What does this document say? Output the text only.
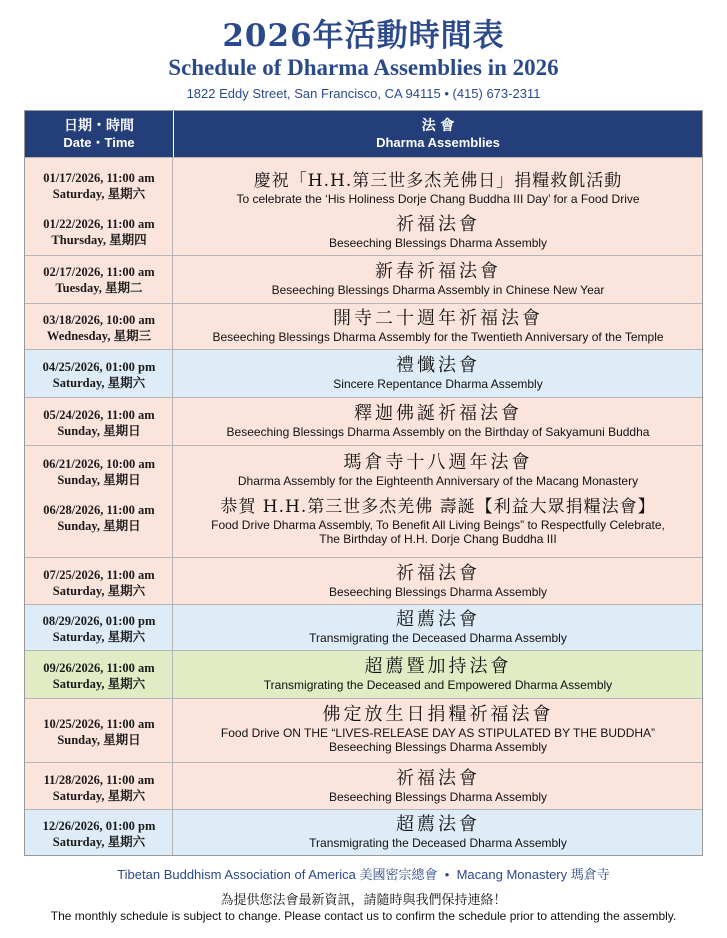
2026年活動時間表
Schedule of Dharma Assemblies in 2026
1822 Eddy Street, San Francisco, CA 94115 • (415) 673-2311
日期・時間
Date・Time
法 會
Dharma Assemblies
01/17/2026, 11:00 am
Saturday, 星期六
01/22/2026, 11:00 am
Thursday, 星期四
慶祝「H.H.第三世多杰羌佛日」捐糧救飢活動
To celebrate the ‘His Holiness Dorje Chang Buddha III Day’ for a Food Drive
祈福法會
Beseeching Blessings Dharma Assembly
02/17/2026, 11:00 am
Tuesday, 星期二
新春祈福法會
Beseeching Blessings Dharma Assembly in Chinese New Year
03/18/2026, 10:00 am
Wednesday, 星期三
開寺二十週年祈福法會
Beseeching Blessings Dharma Assembly for the Twentieth Anniversary of the Temple
04/25/2026, 01:00 pm
Saturday, 星期六
禮懺法會
Sincere Repentance Dharma Assembly
05/24/2026, 11:00 am
Sunday, 星期日
釋迦佛誕祈福法會
Beseeching Blessings Dharma Assembly on the Birthday of Sakyamuni Buddha
06/21/2026, 10:00 am
Sunday, 星期日
06/28/2026, 11:00 am
Sunday, 星期日
瑪倉寺十八週年法會
Dharma Assembly for the Eighteenth Anniversary of the Macang Monastery
恭賀 H.H.第三世多杰羌佛 壽誕【利益大眾捐糧法會】
Food Drive Dharma Assembly, To Benefit All Living Beings” to Respectfully Celebrate,
The Birthday of H.H. Dorje Chang Buddha III
07/25/2026, 11:00 am
Saturday, 星期六
祈福法會
Beseeching Blessings Dharma Assembly
08/29/2026, 01:00 pm
Saturday, 星期六
超薦法會
Transmigrating the Deceased Dharma Assembly
09/26/2026, 11:00 am
Saturday, 星期六
超薦暨加持法會
Transmigrating the Deceased and Empowered Dharma Assembly
10/25/2026, 11:00 am
Sunday, 星期日
佛定放生日捐糧祈福法會
Food Drive ON THE “LIVES-RELEASE DAY AS STIPULATED BY THE BUDDHA”
Beseeching Blessings Dharma Assembly
11/28/2026, 11:00 am
Saturday, 星期六
祈福法會
Beseeching Blessings Dharma Assembly
12/26/2026, 01:00 pm
Saturday, 星期六
超薦法會
Transmigrating the Deceased Dharma Assembly
Tibetan Buddhism Association of America 美國密宗總會 • Macang Monastery 瑪倉寺
為提供您法會最新資訊，請隨時與我們保持連絡！
The monthly schedule is subject to change. Please contact us to confirm the schedule prior to attending the assembly.
